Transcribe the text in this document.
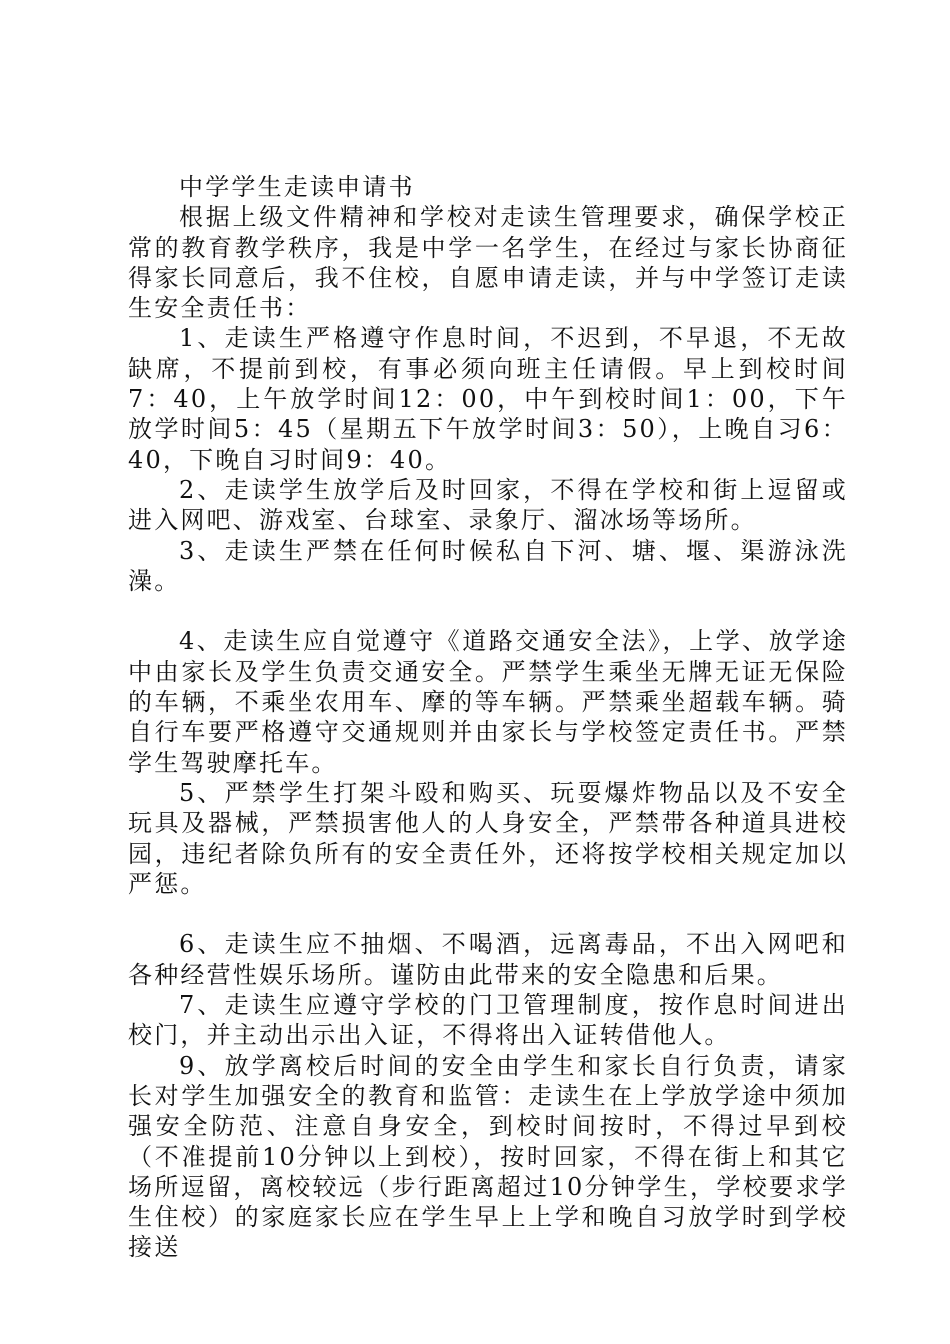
中学学生走读申请书

根据上级文件精神和学校对走读生管理要求，确保学校正常的教育教学秩序，我是中学一名学生，在经过与家长协商征得家长同意后，我不住校，自愿申请走读，并与中学签订走读生安全责任书：

1、走读生严格遵守作息时间，不迟到，不早退，不无故缺席，不提前到校，有事必须向班主任请假。早上到校时间7：40，上午放学时间12：00，中午到校时间1：00，下午放学时间5：45（星期五下午放学时间3：50），上晚自习6：40，下晚自习时间9：40。

2、走读学生放学后及时回家，不得在学校和街上逗留或进入网吧、游戏室、台球室、录象厅、溜冰场等场所。

3、走读生严禁在任何时候私自下河、塘、堰、渠游泳洗澡。

4、走读生应自觉遵守《道路交通安全法》，上学、放学途中由家长及学生负责交通安全。严禁学生乘坐无牌无证无保险的车辆，不乘坐农用车、摩的等车辆。严禁乘坐超载车辆。骑自行车要严格遵守交通规则并由家长与学校签定责任书。严禁学生驾驶摩托车。

5、严禁学生打架斗殴和购买、玩耍爆炸物品以及不安全玩具及器械，严禁损害他人的人身安全，严禁带各种道具进校园，违纪者除负所有的安全责任外，还将按学校相关规定加以严惩。

6、走读生应不抽烟、不喝酒，远离毒品，不出入网吧和各种经营性娱乐场所。谨防由此带来的安全隐患和后果。

7、走读生应遵守学校的门卫管理制度，按作息时间进出校门，并主动出示出入证，不得将出入证转借他人。

9、放学离校后时间的安全由学生和家长自行负责，请家长对学生加强安全的教育和监管：走读生在上学放学途中须加强安全防范、注意自身安全，到校时间按时，不得过早到校（不准提前10分钟以上到校），按时回家，不得在街上和其它场所逗留，离校较远（步行距离超过10分钟学生，学校要求学生住校）的家庭家长应在学生早上上学和晚自习放学时到学校接送
